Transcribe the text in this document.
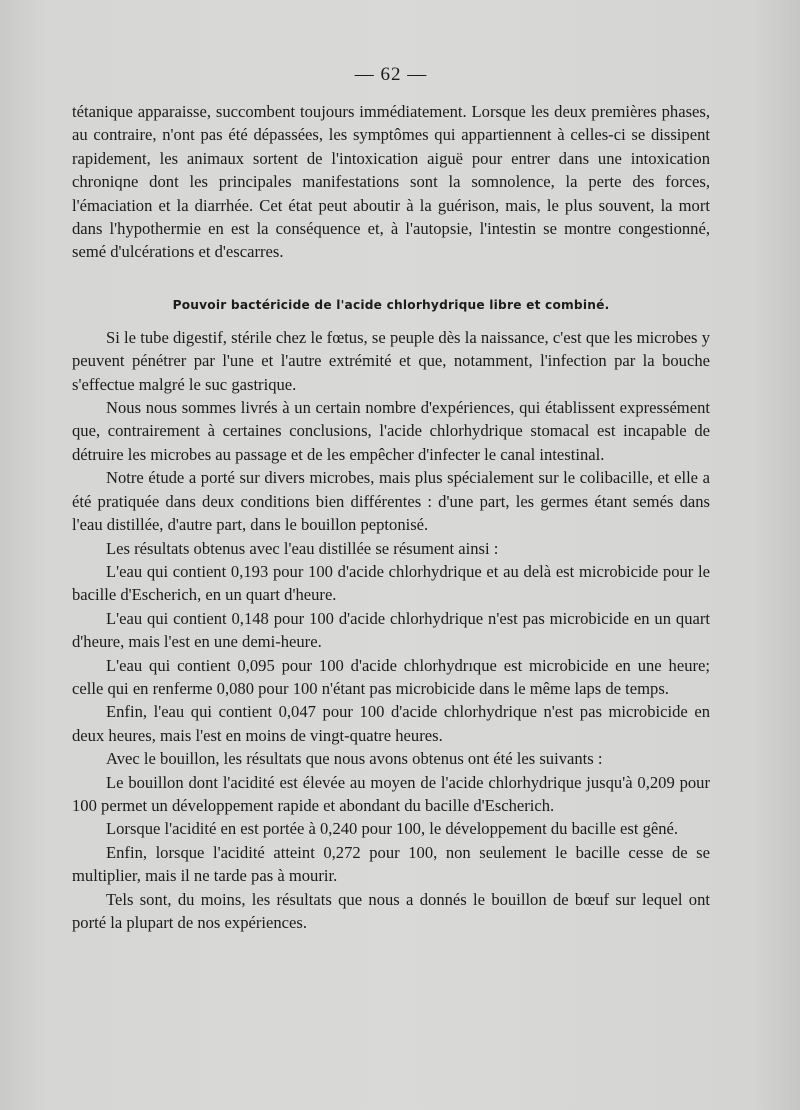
— 62 —

tétanique apparaisse, succombent toujours immédiatement. Lorsque les deux premières phases, au contraire, n'ont pas été dépassées, les symptômes qui appartiennent à celles-ci se dissipent rapidement, les animaux sortent de l'intoxication aiguë pour entrer dans une intoxication chroniqne dont les principales manifestations sont la somnolence, la perte des forces, l'émaciation et la diarrhée. Cet état peut aboutir à la guérison, mais, le plus souvent, la mort dans l'hypothermie en est la conséquence et, à l'autopsie, l'intestin se montre congestionné, semé d'ulcérations et d'escarres.

Pouvoir bactéricide de l'acide chlorhydrique libre et combiné.

Si le tube digestif, stérile chez le fœtus, se peuple dès la naissance, c'est que les microbes y peuvent pénétrer par l'une et l'autre extrémité et que, notamment, l'infection par la bouche s'effectue malgré le suc gastrique.

Nous nous sommes livrés à un certain nombre d'expériences, qui établissent expressément que, contrairement à certaines conclusions, l'acide chlorhydrique stomacal est incapable de détruire les microbes au passage et de les empêcher d'infecter le canal intestinal.

Notre étude a porté sur divers microbes, mais plus spécialement sur le colibacille, et elle a été pratiquée dans deux conditions bien différentes : d'une part, les germes étant semés dans l'eau distillée, d'autre part, dans le bouillon peptonisé.

Les résultats obtenus avec l'eau distillée se résument ainsi :

L'eau qui contient 0,193 pour 100 d'acide chlorhydrique et au delà est microbicide pour le bacille d'Escherich, en un quart d'heure.

L'eau qui contient 0,148 pour 100 d'acide chlorhydrique n'est pas microbicide en un quart d'heure, mais l'est en une demi-heure.

L'eau qui contient 0,095 pour 100 d'acide chlorhydrıque est microbicide en une heure; celle qui en renferme 0,080 pour 100 n'étant pas microbicide dans le même laps de temps.

Enfin, l'eau qui contient 0,047 pour 100 d'acide chlorhydrique n'est pas microbicide en deux heures, mais l'est en moins de vingt-quatre heures.

Avec le bouillon, les résultats que nous avons obtenus ont été les suivants :

Le bouillon dont l'acidité est élevée au moyen de l'acide chlorhydrique jusqu'à 0,209 pour 100 permet un développement rapide et abondant du bacille d'Escherich.

Lorsque l'acidité en est portée à 0,240 pour 100, le développement du bacille est gêné.

Enfin, lorsque l'acidité atteint 0,272 pour 100, non seulement le bacille cesse de se multiplier, mais il ne tarde pas à mourir.

Tels sont, du moins, les résultats que nous a donnés le bouillon de bœuf sur lequel ont porté la plupart de nos expériences.
